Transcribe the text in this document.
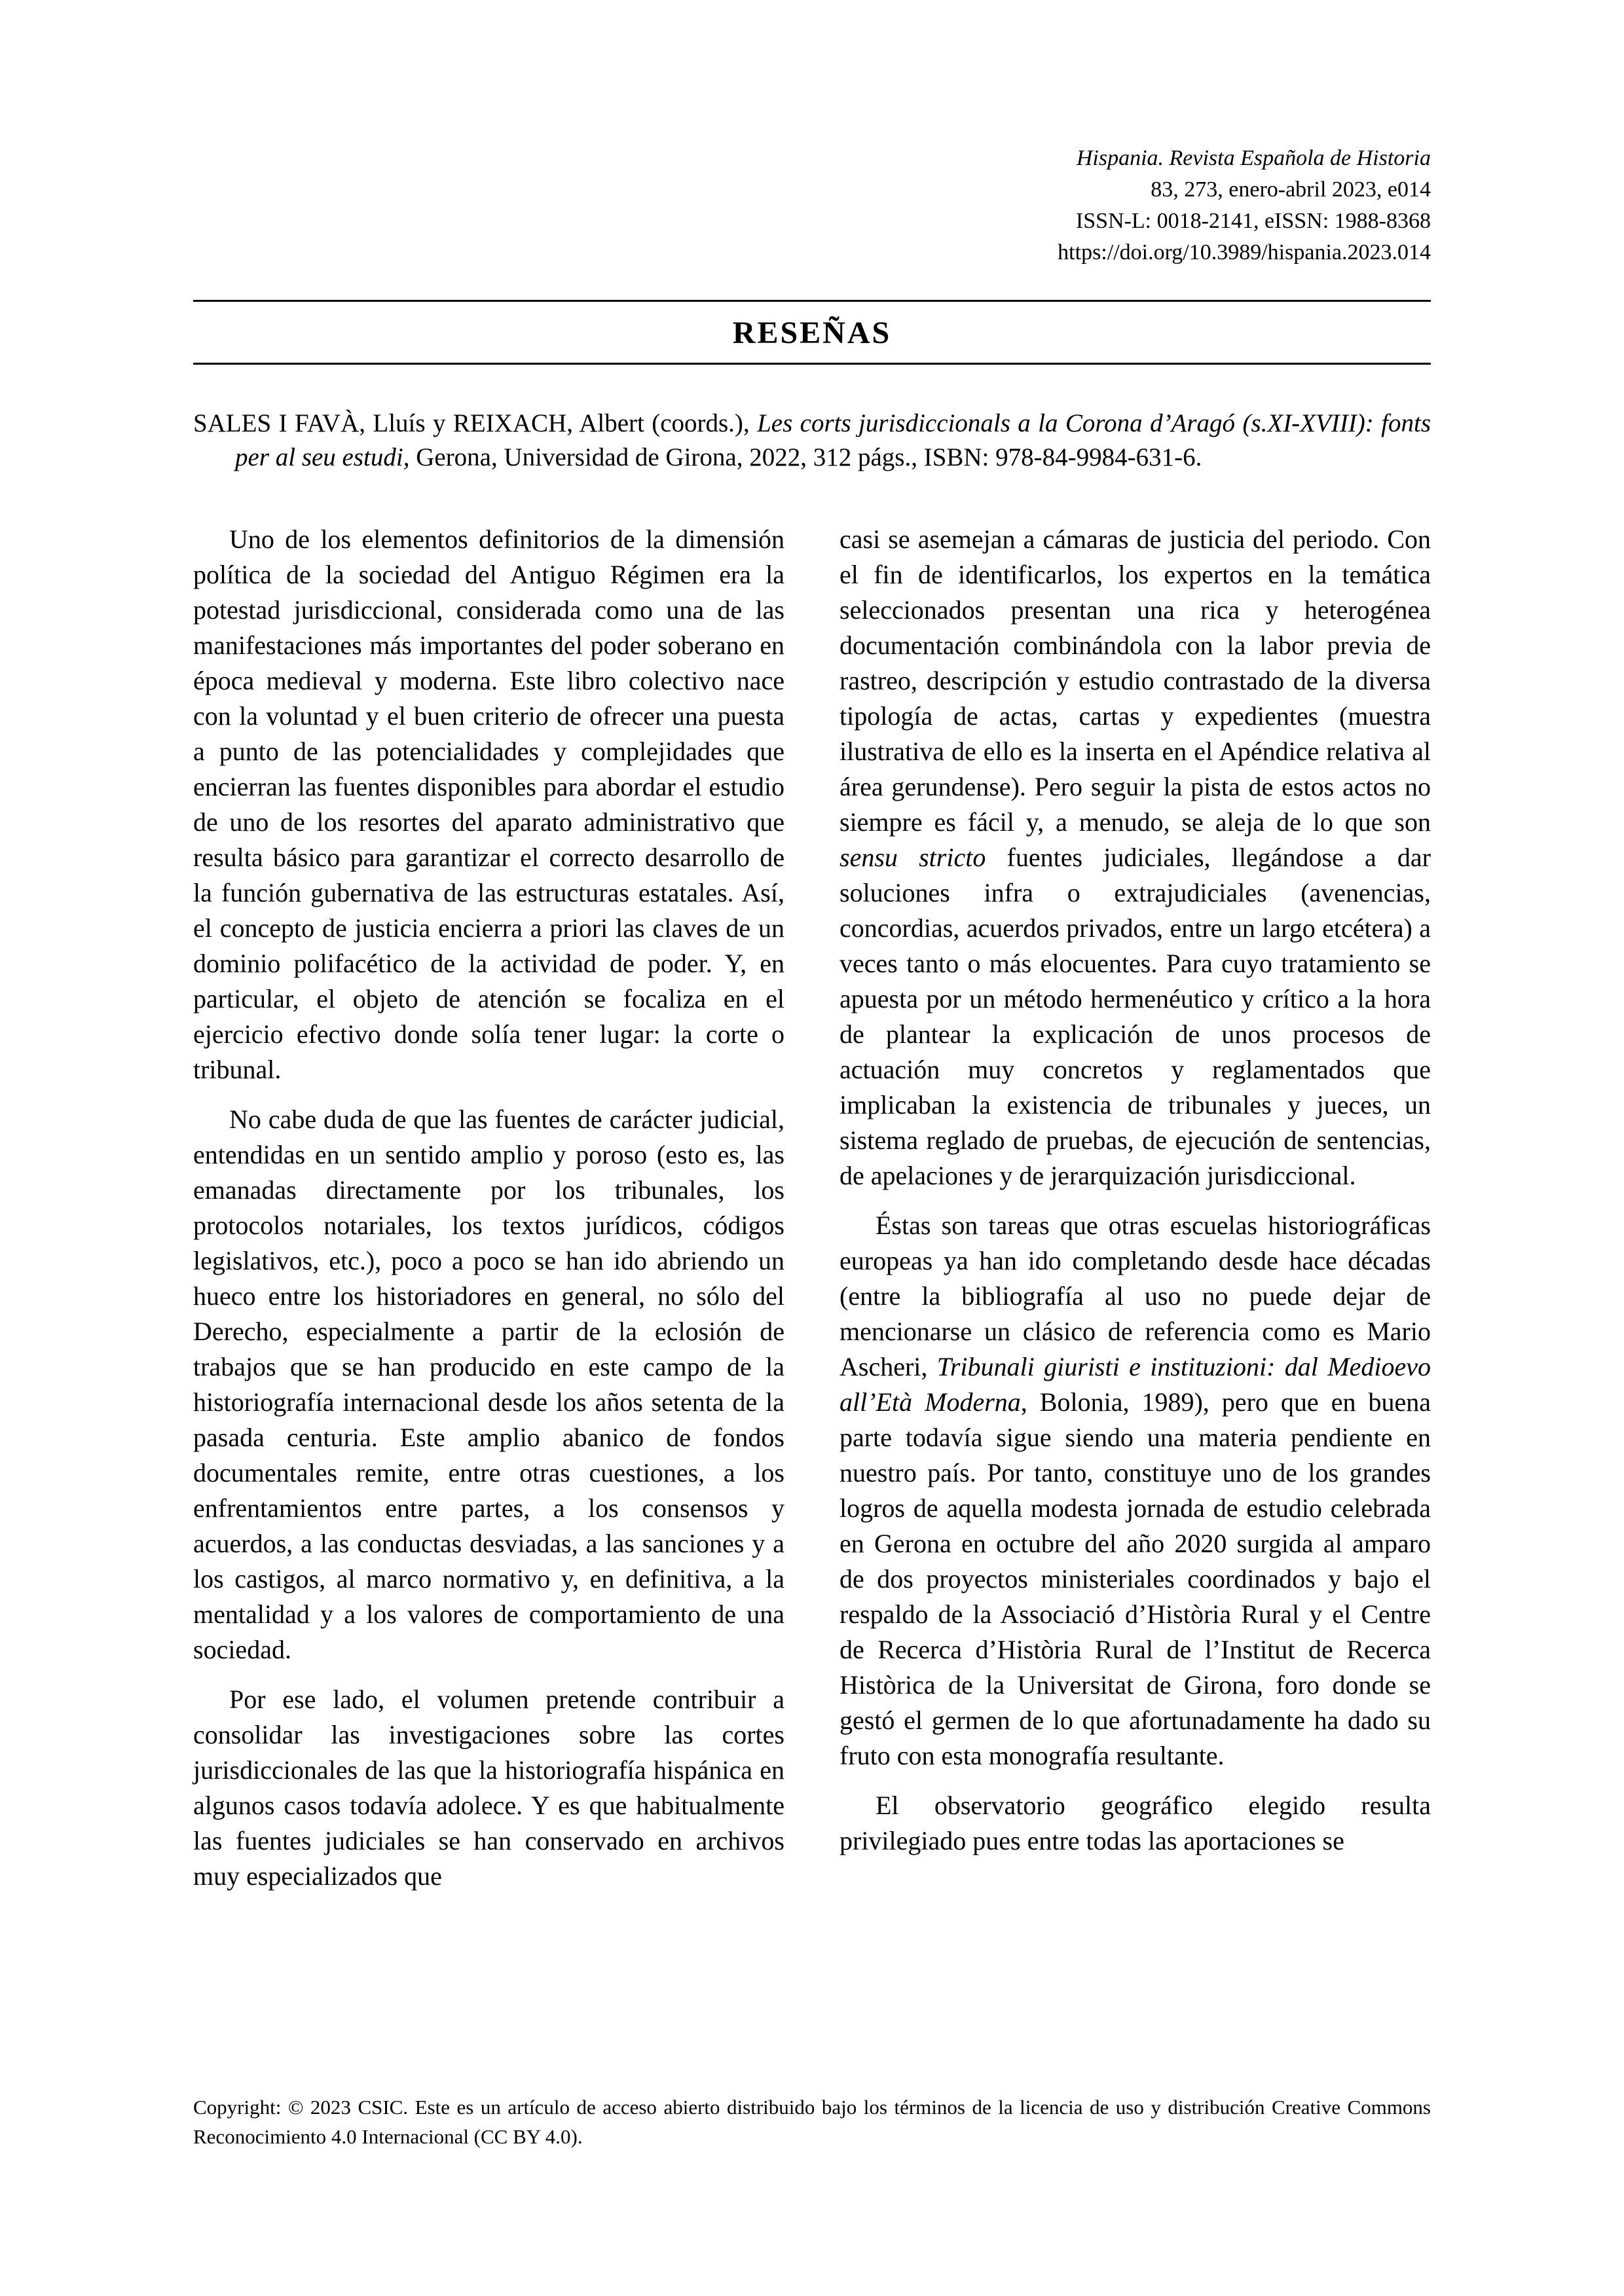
Hispania. Revista Española de Historia
83, 273, enero-abril 2023, e014
ISSN-L: 0018-2141, eISSN: 1988-8368
https://doi.org/10.3989/hispania.2023.014
RESEÑAS

SALES I FAVÀ, Lluís y REIXACH, Albert (coords.), Les corts jurisdiccionals a la Corona d’Aragó (s.XI-XVIII): fonts per al seu estudi, Gerona, Universidad de Girona, 2022, 312 págs., ISBN: 978-84-9984-631-6.

Uno de los elementos definitorios de la dimensión política de la sociedad del Antiguo Régimen era la potestad jurisdiccional, considerada como una de las manifestaciones más importantes del poder soberano en época medieval y moderna. Este libro colectivo nace con la voluntad y el buen criterio de ofrecer una puesta a punto de las potencialidades y complejidades que encierran las fuentes disponibles para abordar el estudio de uno de los resortes del aparato administrativo que resulta básico para garantizar el correcto desarrollo de la función gubernativa de las estructuras estatales. Así, el concepto de justicia encierra a priori las claves de un dominio polifacético de la actividad de poder. Y, en particular, el objeto de atención se focaliza en el ejercicio efectivo donde solía tener lugar: la corte o tribunal.

No cabe duda de que las fuentes de carácter judicial, entendidas en un sentido amplio y poroso (esto es, las emanadas directamente por los tribunales, los protocolos notariales, los textos jurídicos, códigos legislativos, etc.), poco a poco se han ido abriendo un hueco entre los historiadores en general, no sólo del Derecho, especialmente a partir de la eclosión de trabajos que se han producido en este campo de la historiografía internacional desde los años setenta de la pasada centuria. Este amplio abanico de fondos documentales remite, entre otras cuestiones, a los enfrentamientos entre partes, a los consensos y acuerdos, a las conductas desviadas, a las sanciones y a los castigos, al marco normativo y, en definitiva, a la mentalidad y a los valores de comportamiento de una sociedad.

Por ese lado, el volumen pretende contribuir a consolidar las investigaciones sobre las cortes jurisdiccionales de las que la historiografía hispánica en algunos casos todavía adolece. Y es que habitualmente las fuentes judiciales se han conservado en archivos muy especializados que

casi se asemejan a cámaras de justicia del periodo. Con el fin de identificarlos, los expertos en la temática seleccionados presentan una rica y heterogénea documentación combinándola con la labor previa de rastreo, descripción y estudio contrastado de la diversa tipología de actas, cartas y expedientes (muestra ilustrativa de ello es la inserta en el Apéndice relativa al área gerundense). Pero seguir la pista de estos actos no siempre es fácil y, a menudo, se aleja de lo que son sensu stricto fuentes judiciales, llegándose a dar soluciones infra o extrajudiciales (avenencias, concordias, acuerdos privados, entre un largo etcétera) a veces tanto o más elocuentes. Para cuyo tratamiento se apuesta por un método hermenéutico y crítico a la hora de plantear la explicación de unos procesos de actuación muy concretos y reglamentados que implicaban la existencia de tribunales y jueces, un sistema reglado de pruebas, de ejecución de sentencias, de apelaciones y de jerarquización jurisdiccional.

Éstas son tareas que otras escuelas historiográficas europeas ya han ido completando desde hace décadas (entre la bibliografía al uso no puede dejar de mencionarse un clásico de referencia como es Mario Ascheri, Tribunali giuristi e instituzioni: dal Medioevo all’Età Moderna, Bolonia, 1989), pero que en buena parte todavía sigue siendo una materia pendiente en nuestro país. Por tanto, constituye uno de los grandes logros de aquella modesta jornada de estudio celebrada en Gerona en octubre del año 2020 surgida al amparo de dos proyectos ministeriales coordinados y bajo el respaldo de la Associació d’Història Rural y el Centre de Recerca d’Història Rural de l’Institut de Recerca Històrica de la Universitat de Girona, foro donde se gestó el germen de lo que afortunadamente ha dado su fruto con esta monografía resultante.

El observatorio geográfico elegido resulta privilegiado pues entre todas las aportaciones se

Copyright: © 2023 CSIC. Este es un artículo de acceso abierto distribuido bajo los términos de la licencia de uso y distribución Creative Commons Reconocimiento 4.0 Internacional (CC BY 4.0).
